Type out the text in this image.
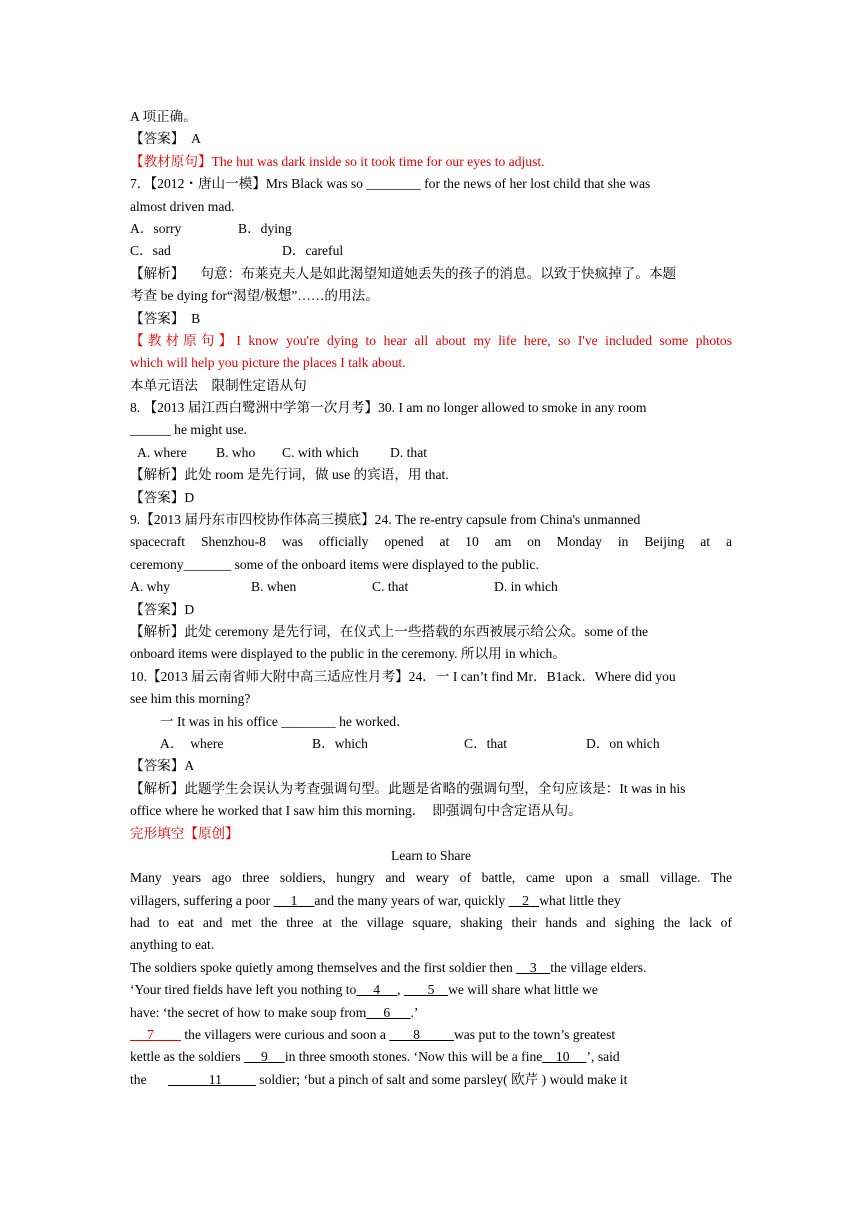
A 项正确。
【答案】　A
【教材原句】The hut was dark inside so it took time for our eyes to adjust.
7．【2012・唐山一模】Mrs Black was so ________ for the news of her lost child that she was
almost driven mad.
A．sorry	B．dying
C．sad	D．careful
【解析】 句意：布莱克夫人是如此渴望知道她丢失的孩子的消息。以致于快疯掉了。本题
考查 be dying for“渴望/极想”……的用法。
【答案】　B
【教材原句】I know you're dying to hear all about my life here, so I've included some photos
which will help you picture the places I talk about.
本单元语法　限制性定语从句
8. 【2013 届江西白鹭洲中学第一次月考】30. I am no longer allowed to smoke in any room
______ he might use.
A. where	B. who	C. with which	D. that
【解析】此处 room 是先行词，做 use 的宾语，用 that.
【答案】D
9.【2013 届丹东市四校协作体高三摸底】24. The re-entry capsule from China's unmanned
spacecraft Shenzhou-8 was officially opened at 10 am on Monday in Beijing at a
ceremony_______ some of the onboard items were displayed to the public.
A. why	B. when	C. that	D. in which
【答案】D
【解析】此处 ceremony 是先行词，在仪式上一些搭载的东西被展示给公众。some of the
onboard items were displayed to the public in the ceremony. 所以用 in which。
10.【2013 届云南省师大附中高三适应性月考】24．一 I can’t find Mr．B1ack．Where did you
see him this morning?
一 It was in his office ________ he worked．
A．　where	B．which	C．that	D．on which
【答案】A
【解析】此题学生会误认为考查强调句型。此题是省略的强调句型，全句应该是：It was in his
office where he worked that I saw him this morning．　即强调句中含定语从句。
完形填空【原创】
Learn to Share
Many years ago three soldiers, hungry and weary of battle, came upon a small village. The
villagers, suffering a poor      1 and the many years of war, quickly     2 what little they
had to eat and met the three at the village square, shaking their hands and sighing the lack of
anything to eat.
The soldiers spoke quietly among themselves and the first soldier then     3 the village elders.
‘Your tired fields have left you nothing to 4 ,        5 we will share what little we
have: ‘the secret of how to make soup from 6 .’
7         the villagers were curious and soon a        8 was put to the town’s greatest
kettle as the soldiers      9 in three smooth stones. ‘Now this will be a fine 10 ’, said
the	11           soldier; ‘but a pinch of salt and some parsley( 欧芹 ) would make it
